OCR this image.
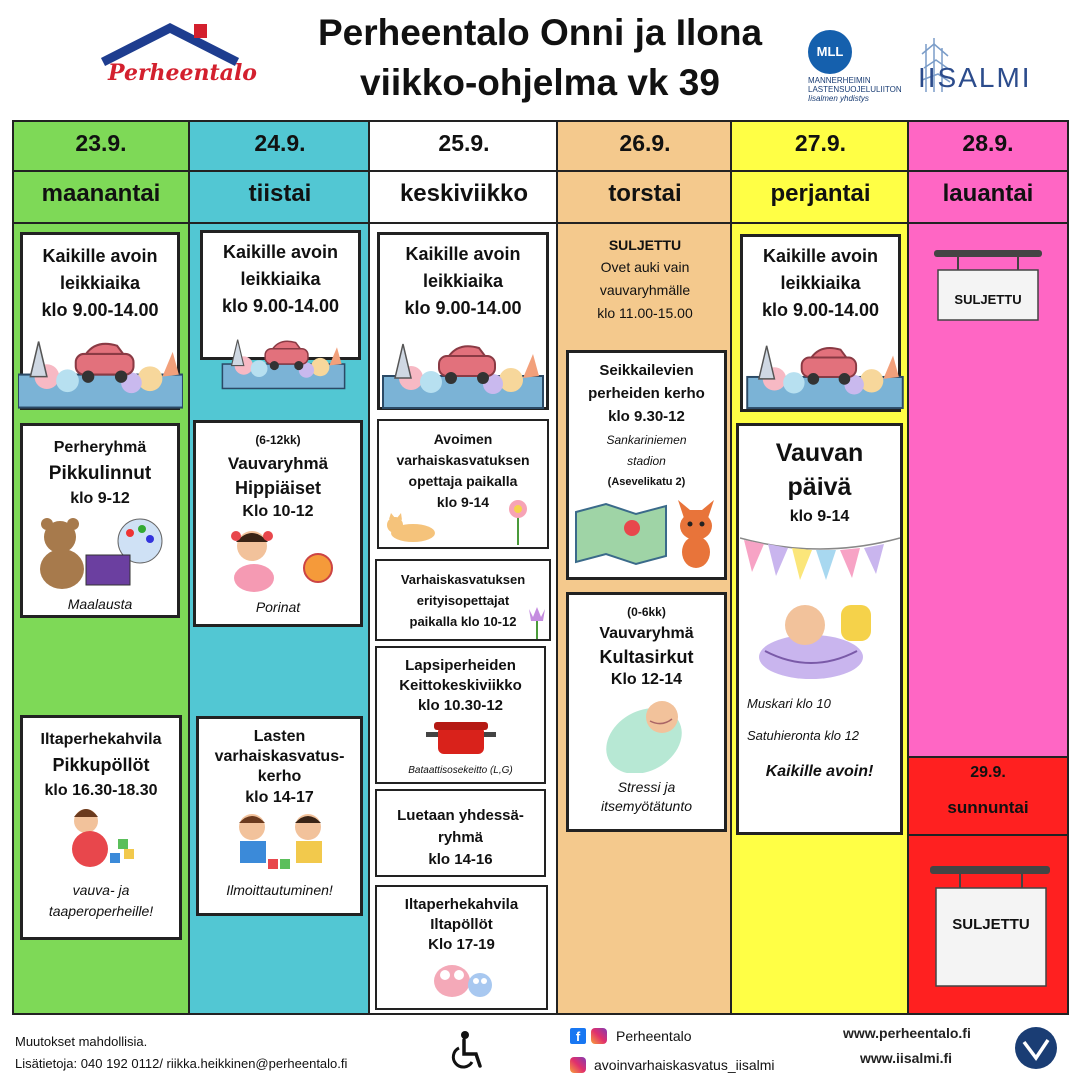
Perheentalo
Perheentalo Onni ja Ilona
viikko-ohjelma vk 39
MLL
MANNERHEIMIN LASTENSUOJELULIITON
Iisalmen yhdistys
IISALMI
23.9.
maanantai
24.9.
tiistai
25.9.
keskiviikko
26.9.
torstai
27.9.
perjantai
28.9.
lauantai
Kaikille avoin
leikkiaika
klo 9.00-14.00
Perheryhmä
Pikkulinnut
klo 9-12
Maalausta
Iltaperhekahvila
Pikkupöllöt
klo 16.30-18.30
vauva- ja
taaperoperheille!
Kaikille avoin
leikkiaika
klo 9.00-14.00
(6-12kk)
Vauvaryhmä
Hippiäiset
Klo 10-12
Porinat
Lasten
varhaiskasvatus-
kerho
klo 14-17
Ilmoittautuminen!
Kaikille avoin
leikkiaika
klo 9.00-14.00
Avoimen
varhaiskasvatuksen
opettaja paikalla
klo 9-14
Varhaiskasvatuksen
erityisopettajat
paikalla klo 10-12
Lapsiperheiden
Keittokeskiviikko
klo 10.30-12
Bataattisosekeitto (L,G)
Luetaan yhdessä-
ryhmä
klo 14-16
Iltaperhekahvila
Iltapöllöt
Klo 17-19
SULJETTU
Ovet auki vain
vauvaryhmälle
klo 11.00-15.00
Seikkailevien
perheiden kerho
klo 9.30-12
Sankariniemen
stadion
(Asevelikatu 2)
(0-6kk)
Vauvaryhmä
Kultasirkut
Klo 12-14
Stressi ja
itsemyötätunto
Kaikille avoin
leikkiaika
klo 9.00-14.00
Vauvan
päivä
klo 9-14

Muskari klo 10
Satuhieronta klo 12
Kaikille avoin!
SULJETTU
29.9.
sunnuntai
SULJETTU
Muutokset mahdollisia.
Lisätietoja: 040 192 0112/ riikka.heikkinen@perheentalo.fi
f	Perheentalo
avoinvarhaiskasvatus_iisalmi
www.perheentalo.fi
www.iisalmi.fi
